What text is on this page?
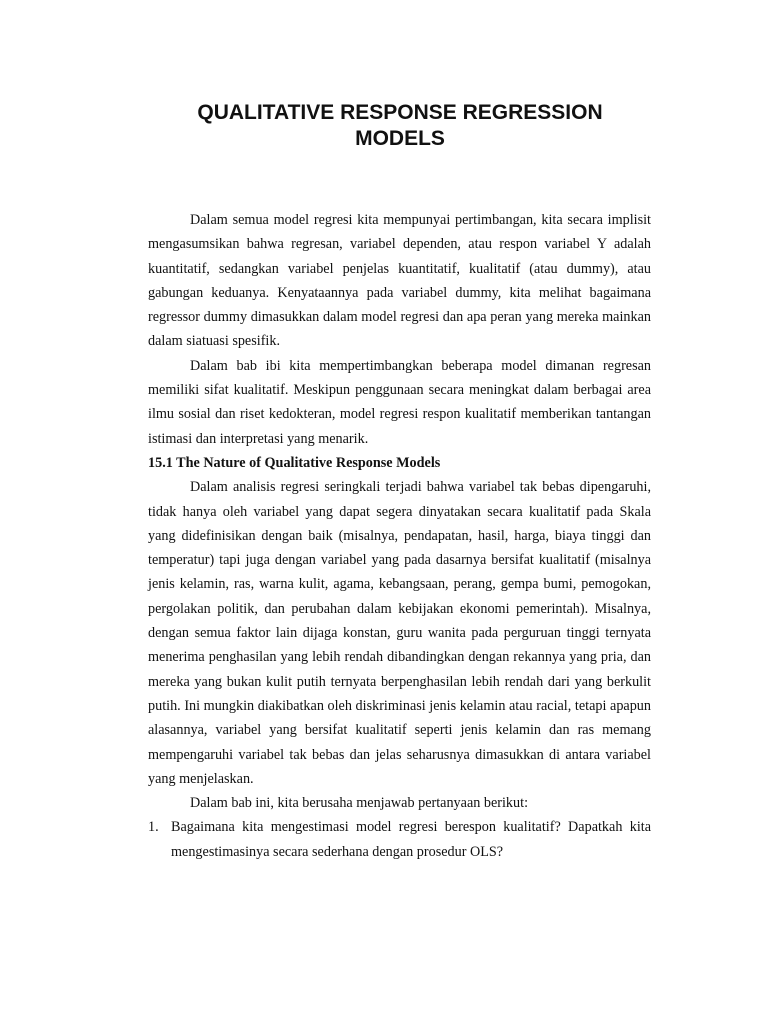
QUALITATIVE RESPONSE REGRESSION
MODELS

Dalam semua model regresi kita mempunyai pertimbangan, kita secara implisit mengasumsikan bahwa regresan, variabel dependen, atau respon variabel Y adalah kuantitatif, sedangkan variabel penjelas kuantitatif, kualitatif (atau dummy), atau gabungan keduanya. Kenyataannya pada variabel dummy, kita melihat bagaimana regressor dummy dimasukkan dalam model regresi dan apa peran yang mereka mainkan dalam siatuasi spesifik.

Dalam bab ibi kita mempertimbangkan beberapa model dimanan regresan memiliki sifat kualitatif. Meskipun penggunaan secara meningkat dalam berbagai area ilmu sosial dan riset kedokteran, model regresi respon kualitatif memberikan tantangan istimasi dan interpretasi yang menarik.

15.1 The Nature of Qualitative Response Models

Dalam analisis regresi seringkali terjadi bahwa variabel tak bebas dipengaruhi, tidak hanya oleh variabel yang dapat segera dinyatakan secara kualitatif pada Skala yang didefinisikan dengan baik (misalnya, pendapatan, hasil, harga, biaya tinggi dan temperatur) tapi juga dengan variabel yang pada dasarnya bersifat kualitatif (misalnya jenis kelamin, ras, warna kulit, agama, kebangsaan, perang, gempa bumi, pemogokan, pergolakan politik, dan perubahan dalam kebijakan ekonomi pemerintah). Misalnya, dengan semua faktor lain dijaga konstan, guru wanita pada perguruan tinggi ternyata menerima penghasilan yang lebih rendah dibandingkan dengan rekannya yang pria, dan mereka yang bukan kulit putih ternyata berpenghasilan lebih rendah dari yang berkulit putih. Ini mungkin diakibatkan oleh diskriminasi jenis kelamin atau racial, tetapi apapun alasannya, variabel yang bersifat kualitatif seperti jenis kelamin dan ras memang mempengaruhi variabel tak bebas dan jelas seharusnya dimasukkan di antara variabel yang menjelaskan.

Dalam bab ini, kita berusaha menjawab pertanyaan berikut:

1. Bagaimana kita mengestimasi model regresi berespon kualitatif? Dapatkah kita mengestimasinya secara sederhana dengan prosedur OLS?
